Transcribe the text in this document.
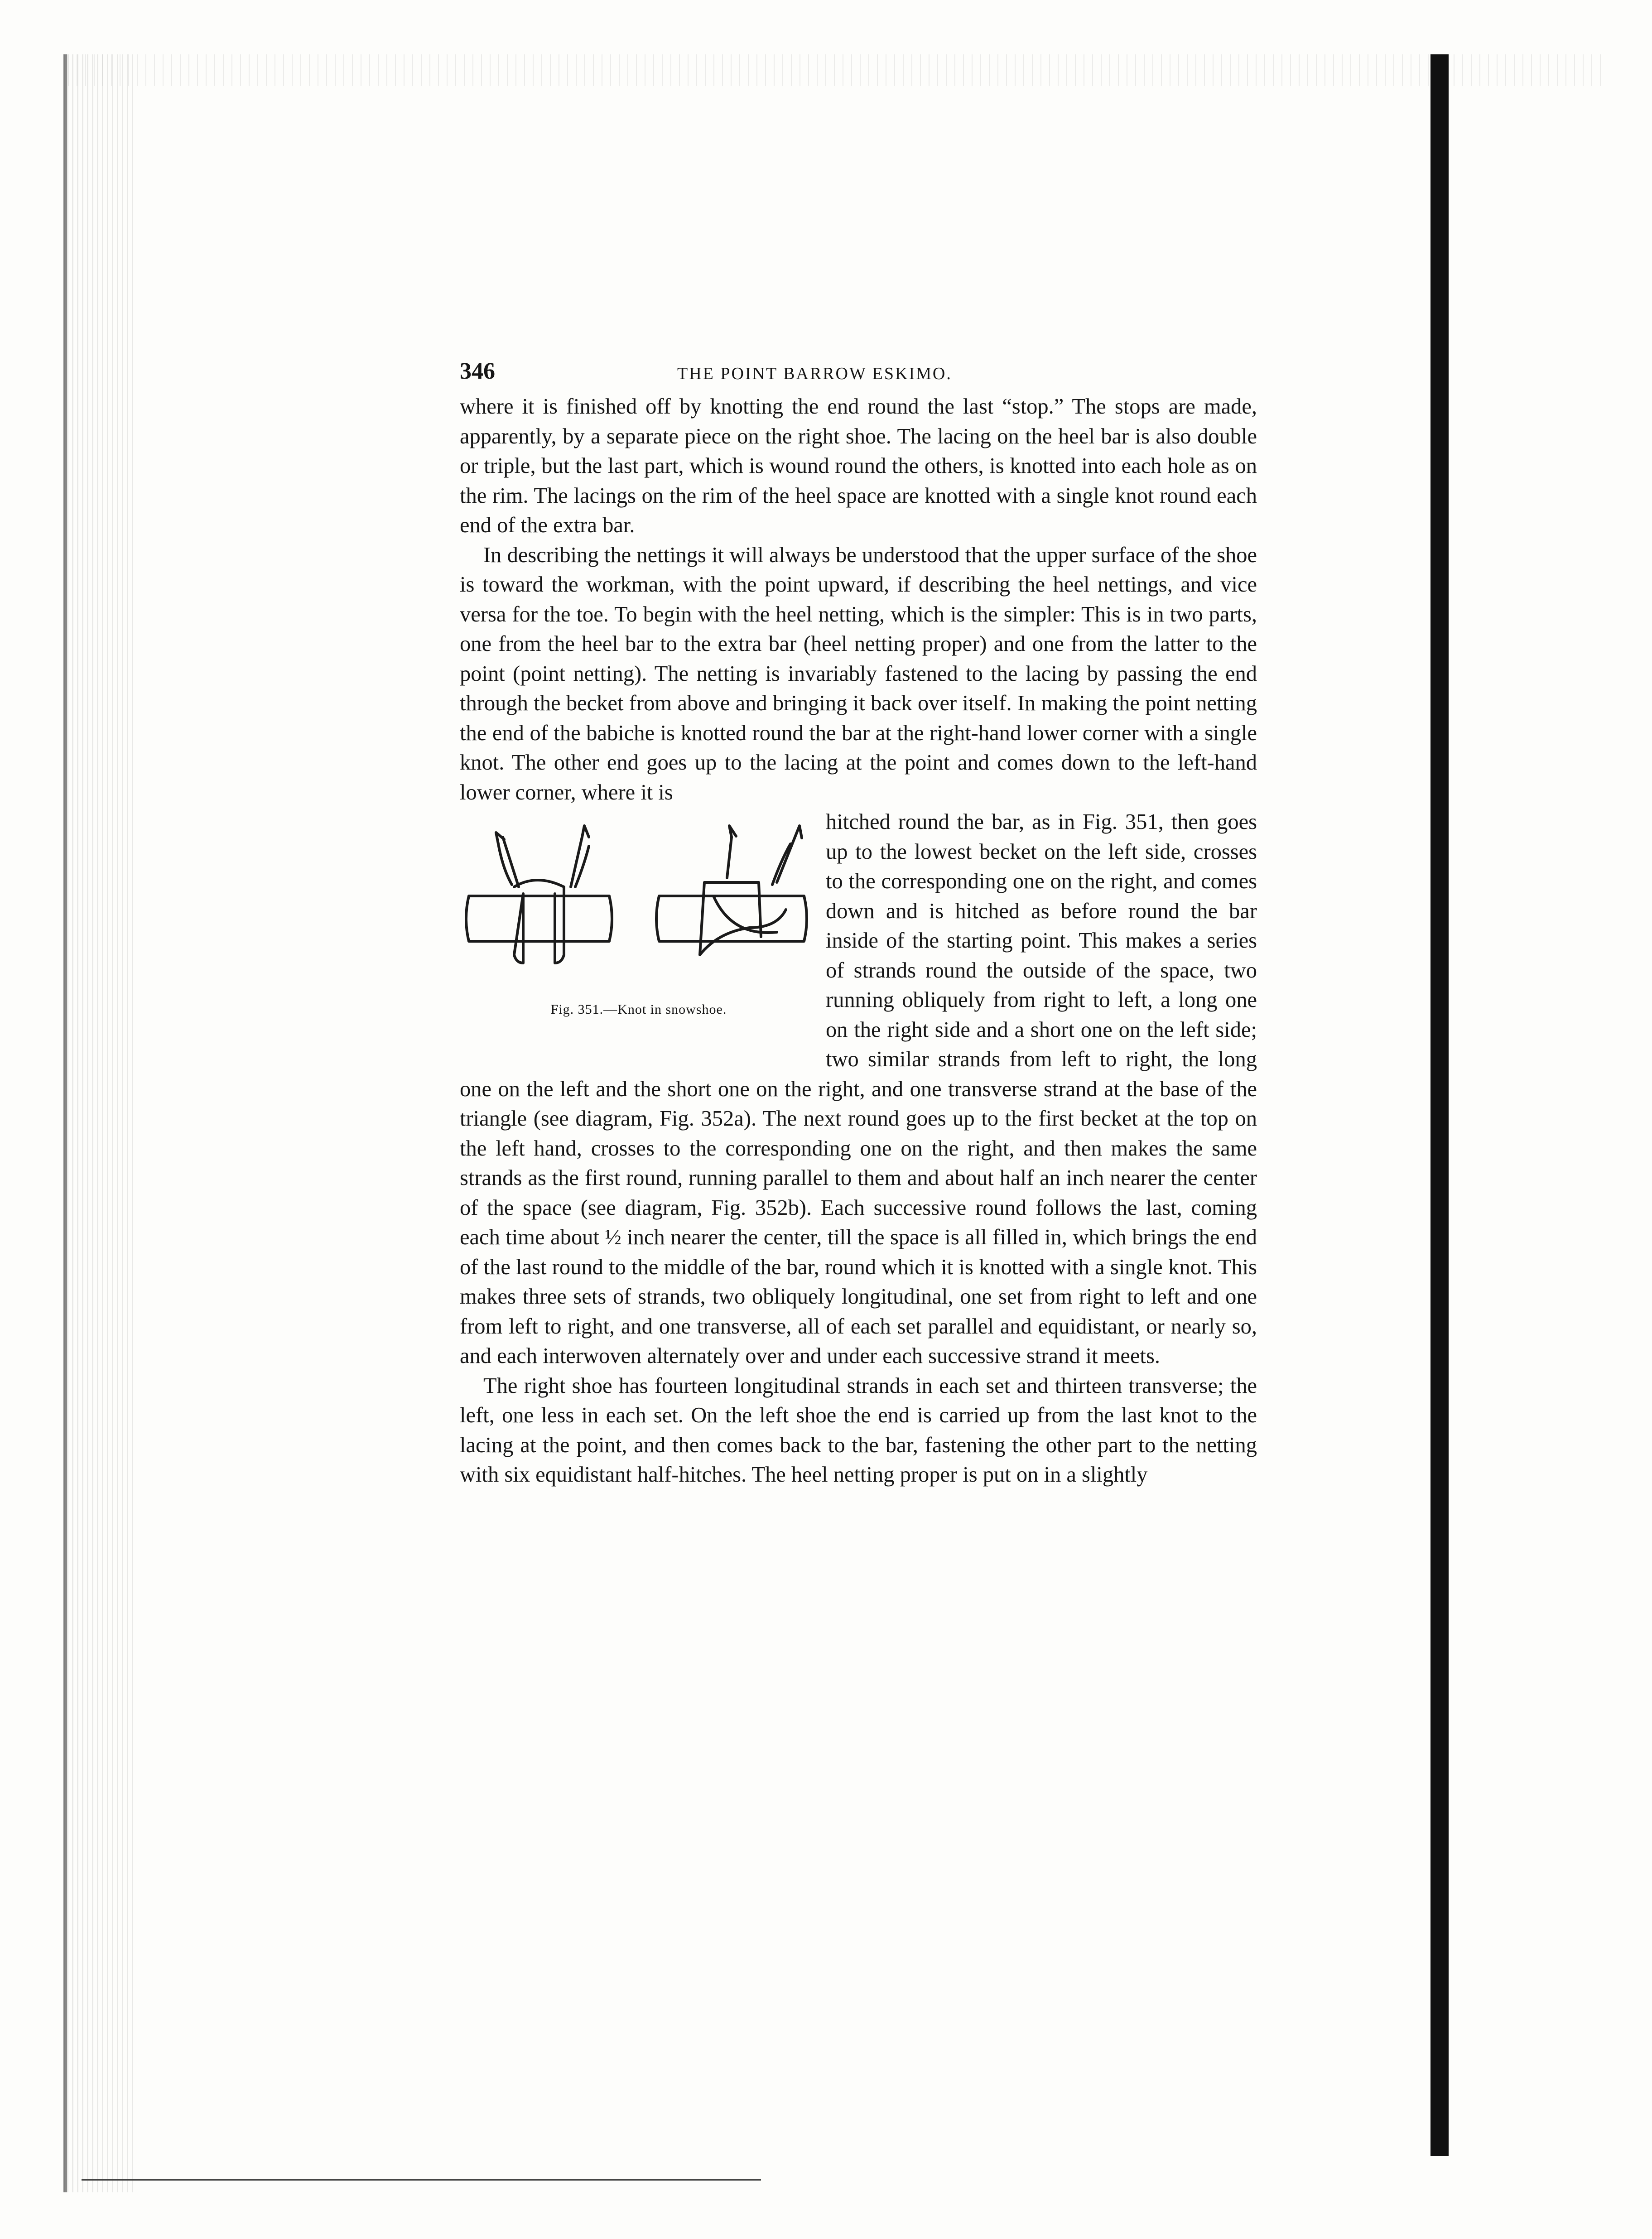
346	THE POINT BARROW ESKIMO.

where it is finished off by knotting the end round the last “stop.” The stops are made, apparently, by a separate piece on the right shoe. The lacing on the heel bar is also double or triple, but the last part, which is wound round the others, is knotted into each hole as on the rim. The lacings on the rim of the heel space are knotted with a single knot round each end of the extra bar.

In describing the nettings it will always be understood that the upper surface of the shoe is toward the workman, with the point upward, if describing the heel nettings, and vice versa for the toe. To begin with the heel netting, which is the simpler: This is in two parts, one from the heel bar to the extra bar (heel netting proper) and one from the latter to the point (point netting). The netting is invariably fastened to the lacing by passing the end through the becket from above and bringing it back over itself. In making the point netting the end of the babiche is knotted round the bar at the right-hand lower corner with a single knot. The other end goes up to the lacing at the point and comes down to the left-hand lower corner, where it is

Fig. 351.—Knot in snowshoe.

hitched round the bar, as in Fig. 351, then goes up to the lowest becket on the left side, crosses to the corresponding one on the right, and comes down and is hitched as before round the bar inside of the starting point. This makes a series of strands round the outside of the space, two running obliquely from right to left, a long one on the right side and a short one on the left side; two similar strands from left to right, the long one on the left and the short one on the right, and one transverse strand at the base of the triangle (see diagram, Fig. 352a). The next round goes up to the first becket at the top on the left hand, crosses to the corresponding one on the right, and then makes the same strands as the first round, running parallel to them and about half an inch nearer the center of the space (see diagram, Fig. 352b). Each successive round follows the last, coming each time about ½ inch nearer the center, till the space is all filled in, which brings the end of the last round to the middle of the bar, round which it is knotted with a single knot. This makes three sets of strands, two obliquely longitudinal, one set from right to left and one from left to right, and one transverse, all of each set parallel and equidistant, or nearly so, and each interwoven alternately over and under each successive strand it meets.

The right shoe has fourteen longitudinal strands in each set and thirteen transverse; the left, one less in each set. On the left shoe the end is carried up from the last knot to the lacing at the point, and then comes back to the bar, fastening the other part to the netting with six equidistant half-hitches. The heel netting proper is put on in a slightly
